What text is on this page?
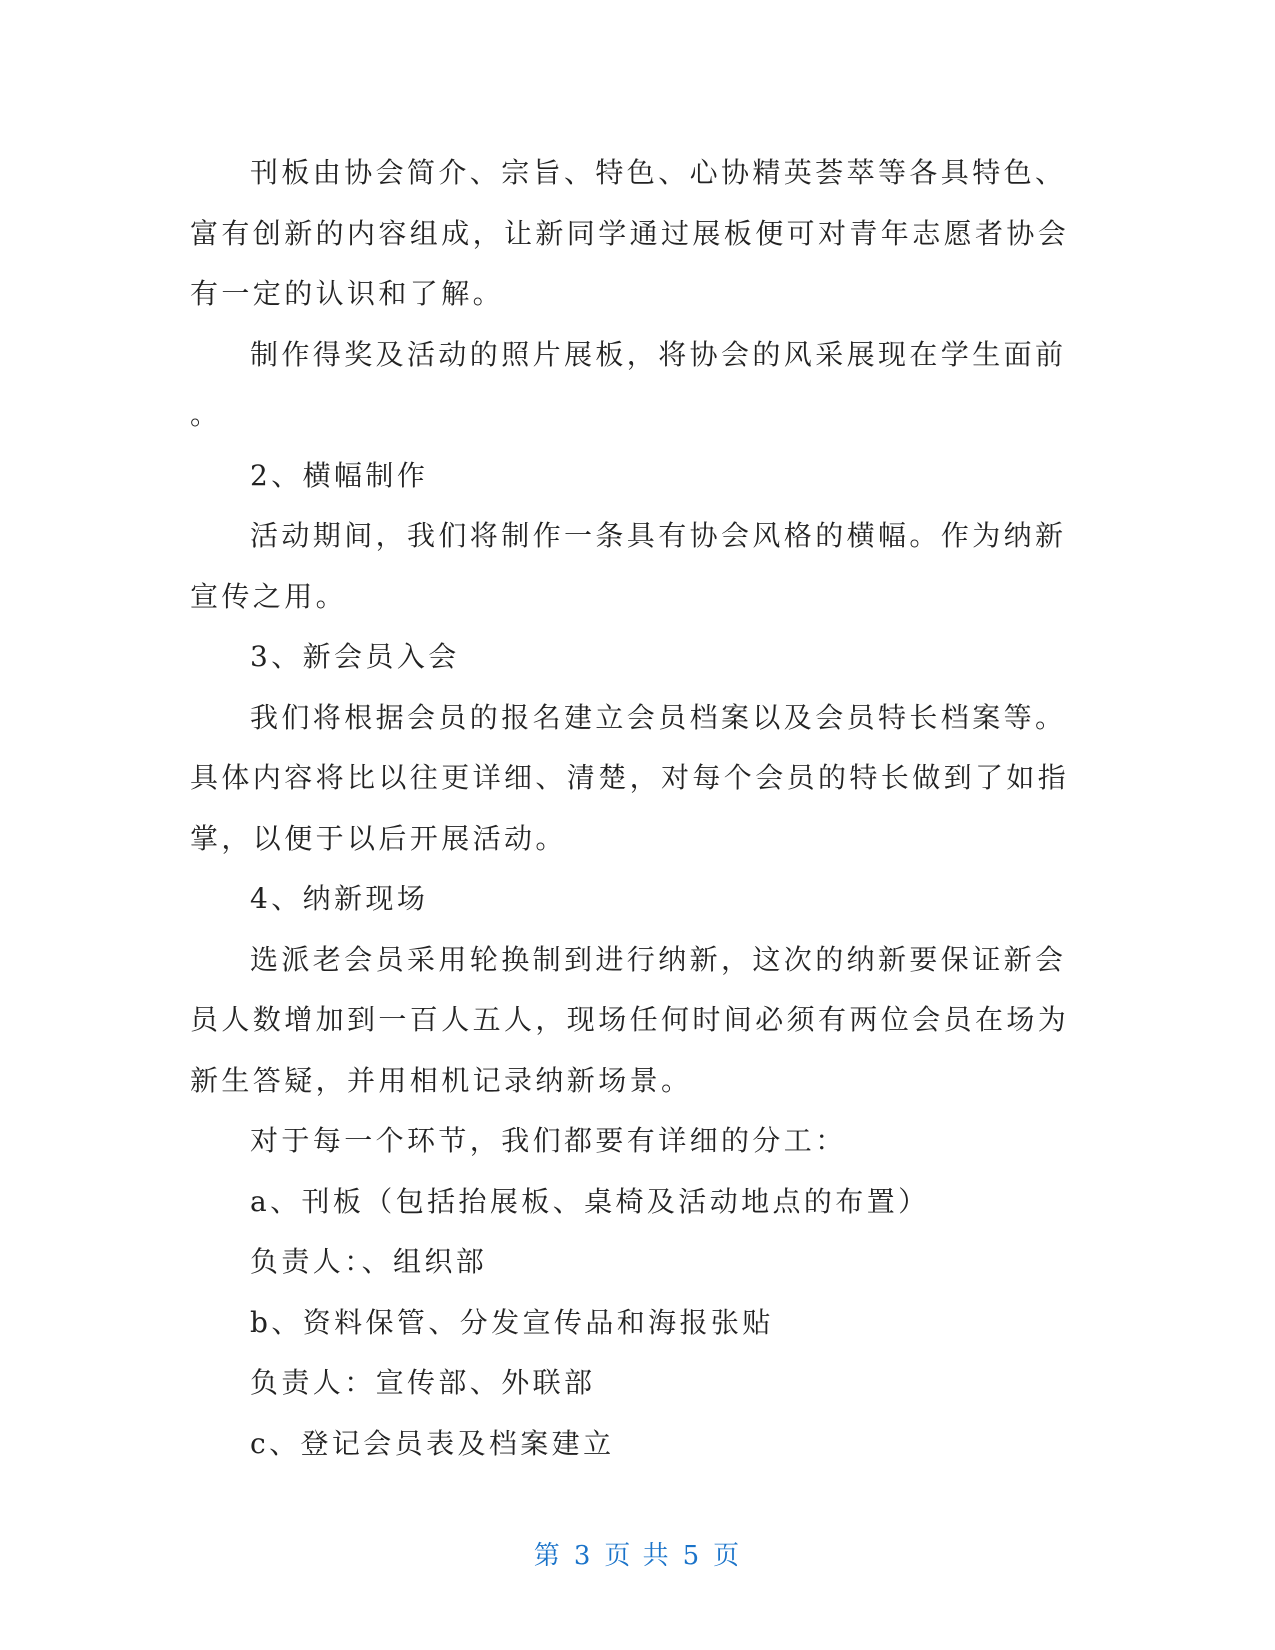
刊板由协会简介、宗旨、特色、心协精英荟萃等各具特色、
富有创新的内容组成，让新同学通过展板便可对青年志愿者协会
有一定的认识和了解。
制作得奖及活动的照片展板，将协会的风采展现在学生面前
。
2、横幅制作
活动期间，我们将制作一条具有协会风格的横幅。作为纳新
宣传之用。
3、新会员入会
我们将根据会员的报名建立会员档案以及会员特长档案等。
具体内容将比以往更详细、清楚，对每个会员的特长做到了如指
掌，以便于以后开展活动。
4、纳新现场
选派老会员采用轮换制到进行纳新，这次的纳新要保证新会
员人数增加到一百人五人，现场任何时间必须有两位会员在场为
新生答疑，并用相机记录纳新场景。
对于每一个环节，我们都要有详细的分工：
a、刊板（包括抬展板、桌椅及活动地点的布置）
负责人：、组织部
b、资料保管、分发宣传品和海报张贴
负责人：宣传部、外联部
c、登记会员表及档案建立
第 3 页 共 5 页
